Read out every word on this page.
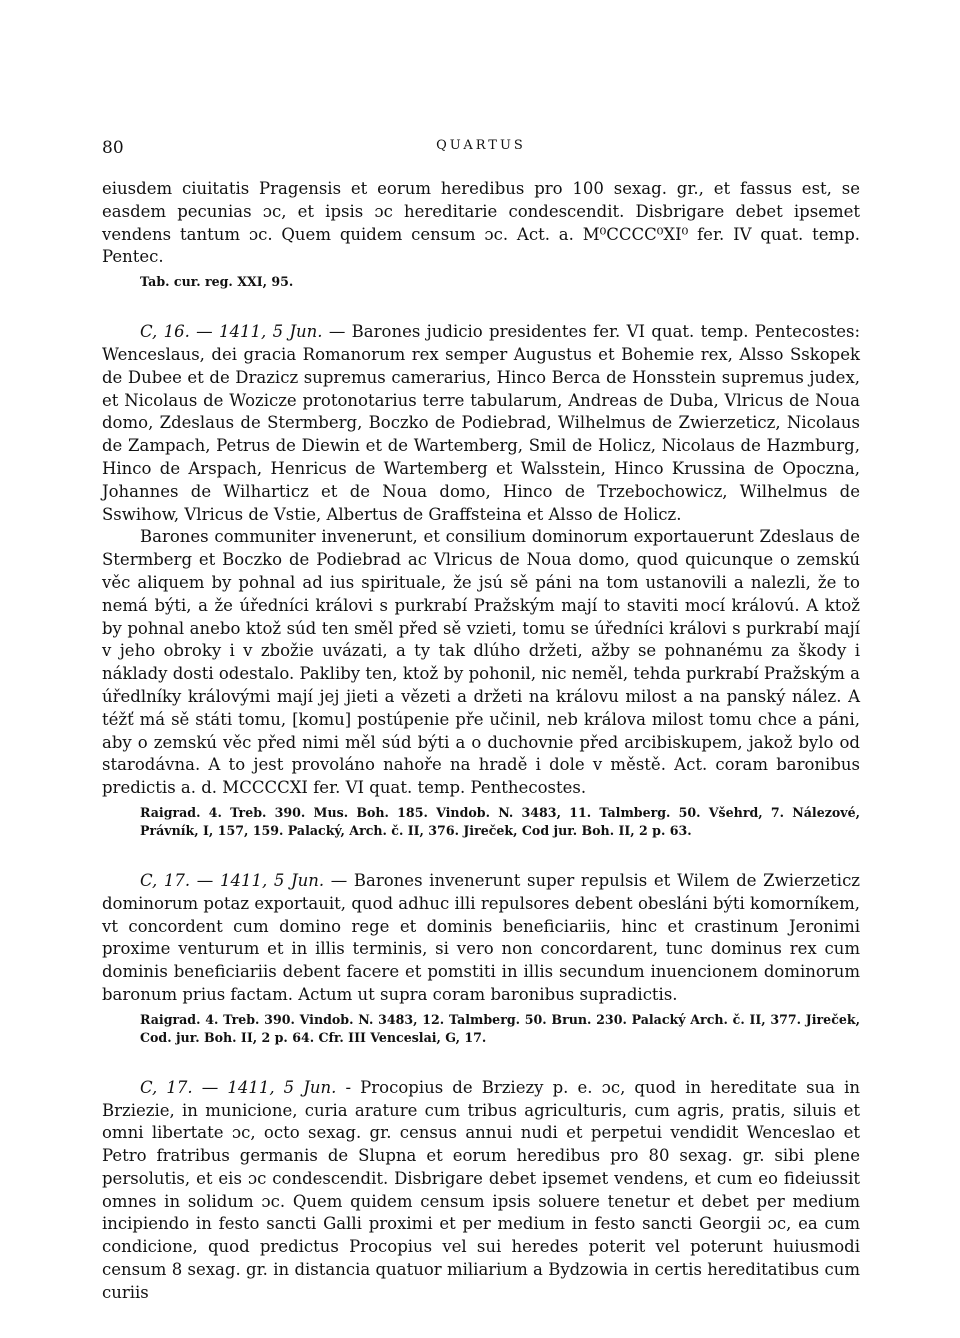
80	QUARTUS

eiusdem ciuitatis Pragensis et eorum heredibus pro 100 sexag. gr., et fassus est, se easdem pecunias ɔc, et ipsis ɔc hereditarie condescendit. Disbrigare debet ipsemet vendens tantum ɔc. Quem quidem censum ɔc. Act. a. M⁰CCCC⁰XI⁰ fer. IV quat. temp. Pentec.

Tab. cur. reg. XXI, 95.

C, 16. — 1411, 5 Jun. — Barones judicio presidentes fer. VI quat. temp. Pentecostes: Wenceslaus, dei gracia Romanorum rex semper Augustus et Bohemie rex, Alsso Sskopek de Dubee et de Drazicz supremus camerarius, Hinco Berca de Honsstein supremus judex, et Nicolaus de Wozicze protonotarius terre tabularum, Andreas de Duba, Vlricus de Noua domo, Zdeslaus de Stermberg, Boczko de Podiebrad, Wilhelmus de Zwierzeticz, Nicolaus de Zampach, Petrus de Diewin et de Wartemberg, Smil de Holicz, Nicolaus de Hazmburg, Hinco de Arspach, Henricus de Wartemberg et Walsstein, Hinco Krussina de Opoczna, Johannes de Wilharticz et de Noua domo, Hinco de Trzebochowicz, Wilhelmus de Sswihow, Vlricus de Vstie, Albertus de Graffsteina et Alsso de Holicz.

Barones communiter invenerunt, et consilium dominorum exportauerunt Zdeslaus de Stermberg et Boczko de Podiebrad ac Vlricus de Noua domo, quod quicunque o zemskú věc aliquem by pohnal ad ius spirituale, že jsú sě páni na tom ustanovili a nalezli, že to nemá býti, a že úředníci královi s purkrabí Pražským mají to staviti mocí královú. A ktož by pohnal anebo ktož súd ten směl před sě vzieti, tomu se úředníci královi s purkrabí mají v jeho obroky i v zbožie uvázati, a ty tak dlúho držeti, ažby se pohnanému za škody i náklady dosti odestalo. Pakliby ten, ktož by pohonil, nic neměl, tehda purkrabí Pražským a úředlníky královými mají jej jieti a vězeti a držeti na královu milost a na panský nález. A téžť má sě státi tomu, [komu] postúpenie pře učinil, neb králova milost tomu chce a páni, aby o zemskú věc před nimi měl súd býti a o duchovnie před arcibiskupem, jakož bylo od starodávna. A to jest provoláno nahoře na hradě i dole v městě. Act. coram baronibus predictis a. d. MCCCCXI fer. VI quat. temp. Penthecostes.

Raigrad. 4. Treb. 390. Mus. Boh. 185. Vindob. N. 3483, 11. Talmberg. 50. Všehrd, 7. Nálezové, Právník, I, 157, 159. Palacký, Arch. č. II, 376. Jireček, Cod jur. Boh. II, 2 p. 63.

C, 17. — 1411, 5 Jun. — Barones invenerunt super repulsis et Wilem de Zwierzeticz dominorum potaz exportauit, quod adhuc illi repulsores debent obesláni býti komorníkem, vt concordent cum domino rege et dominis beneficiariis, hinc et crastinum Jeronimi proxime venturum et in illis terminis, si vero non concordarent, tunc dominus rex cum dominis beneficiariis debent facere et pomstiti in illis secundum inuencionem dominorum baronum prius factam. Actum ut supra coram baronibus supradictis.

Raigrad. 4. Treb. 390. Vindob. N. 3483, 12. Talmberg. 50. Brun. 230. Palacký Arch. č. II, 377. Jireček, Cod. jur. Boh. II, 2 p. 64. Cfr. III Venceslai, G, 17.

C, 17. — 1411, 5 Jun. - Procopius de Brziezy p. e. ɔc, quod in hereditate sua in Brziezie, in municione, curia arature cum tribus agriculturis, cum agris, pratis, siluis et omni libertate ɔc, octo sexag. gr. census annui nudi et perpetui vendidit Wenceslao et Petro fratribus germanis de Slupna et eorum heredibus pro 80 sexag. gr. sibi plene persolutis, et eis ɔc condescendit. Disbrigare debet ipsemet vendens, et cum eo fideiussit omnes in solidum ɔc. Quem quidem censum ipsis soluere tenetur et debet per medium incipiendo in festo sancti Galli proximi et per medium in festo sancti Georgii ɔc, ea cum condicione, quod predictus Procopius vel sui heredes poterit vel poterunt huiusmodi censum 8 sexag. gr. in distancia quatuor miliarium a Bydzowia in certis hereditatibus cum curiis
